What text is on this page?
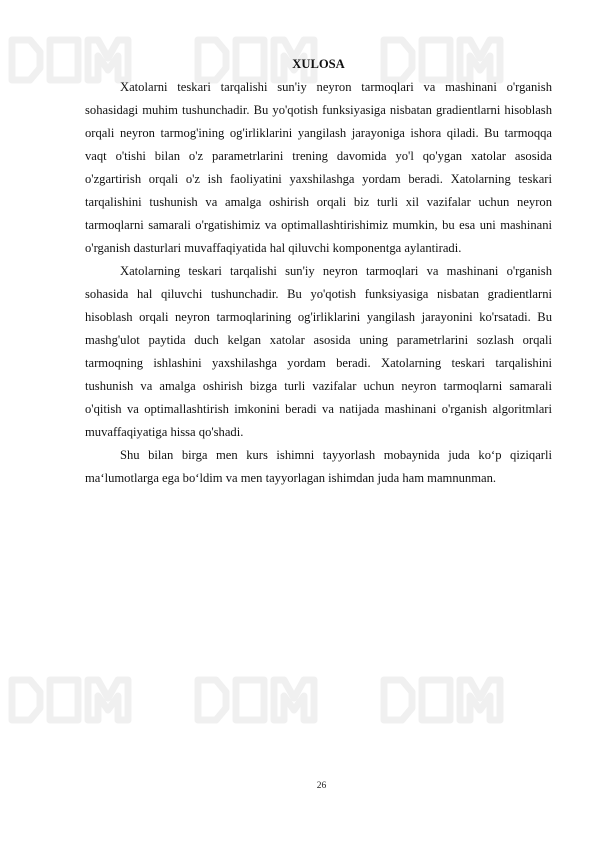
XULOSA

Xatolarni teskari tarqalishi sun'iy neyron tarmoqlari va mashinani o'rganish sohasidagi muhim tushunchadir. Bu yo'qotish funksiyasiga nisbatan gradientlarni hisoblash orqali neyron tarmog'ining og'irliklarini yangilash jarayoniga ishora qiladi. Bu tarmoqqa vaqt o'tishi bilan o'z parametrlarini trening davomida yo'l qo'ygan xatolar asosida o'zgartirish orqali o'z ish faoliyatini yaxshilashga yordam beradi. Xatolarning teskari tarqalishini tushunish va amalga oshirish orqali biz turli xil vazifalar uchun neyron tarmoqlarni samarali o'rgatishimiz va optimallashtirishimiz mumkin, bu esa uni mashinani o'rganish dasturlari muvaffaqiyatida hal qiluvchi komponentga aylantiradi.

Xatolarning teskari tarqalishi sun'iy neyron tarmoqlari va mashinani o'rganish sohasida hal qiluvchi tushunchadir. Bu yo'qotish funksiyasiga nisbatan gradientlarni hisoblash orqali neyron tarmoqlarining og'irliklarini yangilash jarayonini ko'rsatadi. Bu mashg'ulot paytida duch kelgan xatolar asosida uning parametrlarini sozlash orqali tarmoqning ishlashini yaxshilashga yordam beradi. Xatolarning teskari tarqalishini tushunish va amalga oshirish bizga turli vazifalar uchun neyron tarmoqlarni samarali o'qitish va optimallashtirish imkonini beradi va natijada mashinani o'rganish algoritmlari muvaffaqiyatiga hissa qo'shadi.

Shu bilan birga men kurs ishimni tayyorlash mobaynida juda ko‘p qiziqarli ma‘lumotlarga ega bo‘ldim va men tayyorlagan ishimdan juda ham mamnunman.

26
